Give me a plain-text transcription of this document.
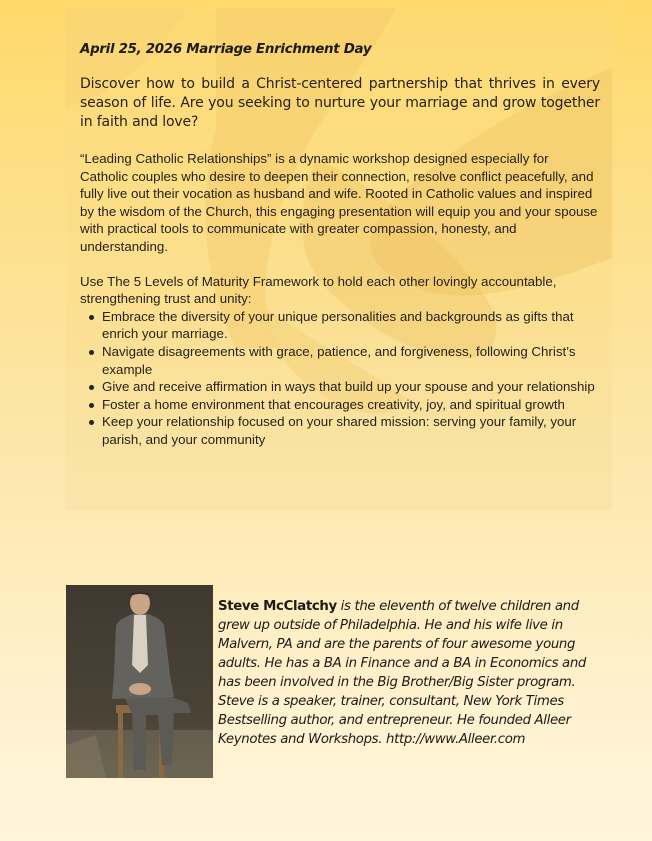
April 25, 2026 Marriage Enrichment Day

Discover how to build a Christ-centered partnership that thrives in every season of life. Are you seeking to nurture your marriage and grow together in faith and love?

“Leading Catholic Relationships” is a dynamic workshop designed especially for Catholic couples who desire to deepen their connection, resolve conflict peacefully, and fully live out their vocation as husband and wife. Rooted in Catholic values and inspired by the wisdom of the Church, this engaging presentation will equip you and your spouse with practical tools to communicate with greater compassion, honesty, and understanding.

Use The 5 Levels of Maturity Framework to hold each other lovingly accountable, strengthening trust and unity:

Embrace the diversity of your unique personalities and backgrounds as gifts that enrich your marriage.
Navigate disagreements with grace, patience, and forgiveness, following Christ’s example
Give and receive affirmation in ways that build up your spouse and your relationship
Foster a home environment that encourages creativity, joy, and spiritual growth
Keep your relationship focused on your shared mission: serving your family, your parish, and your community

Steve McClatchy is the eleventh of twelve children and grew up outside of Philadelphia. He and his wife live in Malvern, PA and are the parents of four awesome young adults. He has a BA in Finance and a BA in Economics and has been involved in the Big Brother/Big Sister program. Steve is a speaker, trainer, consultant, New York Times Bestselling author, and entrepreneur. He founded Alleer Keynotes and Workshops. http://www.Alleer.com
